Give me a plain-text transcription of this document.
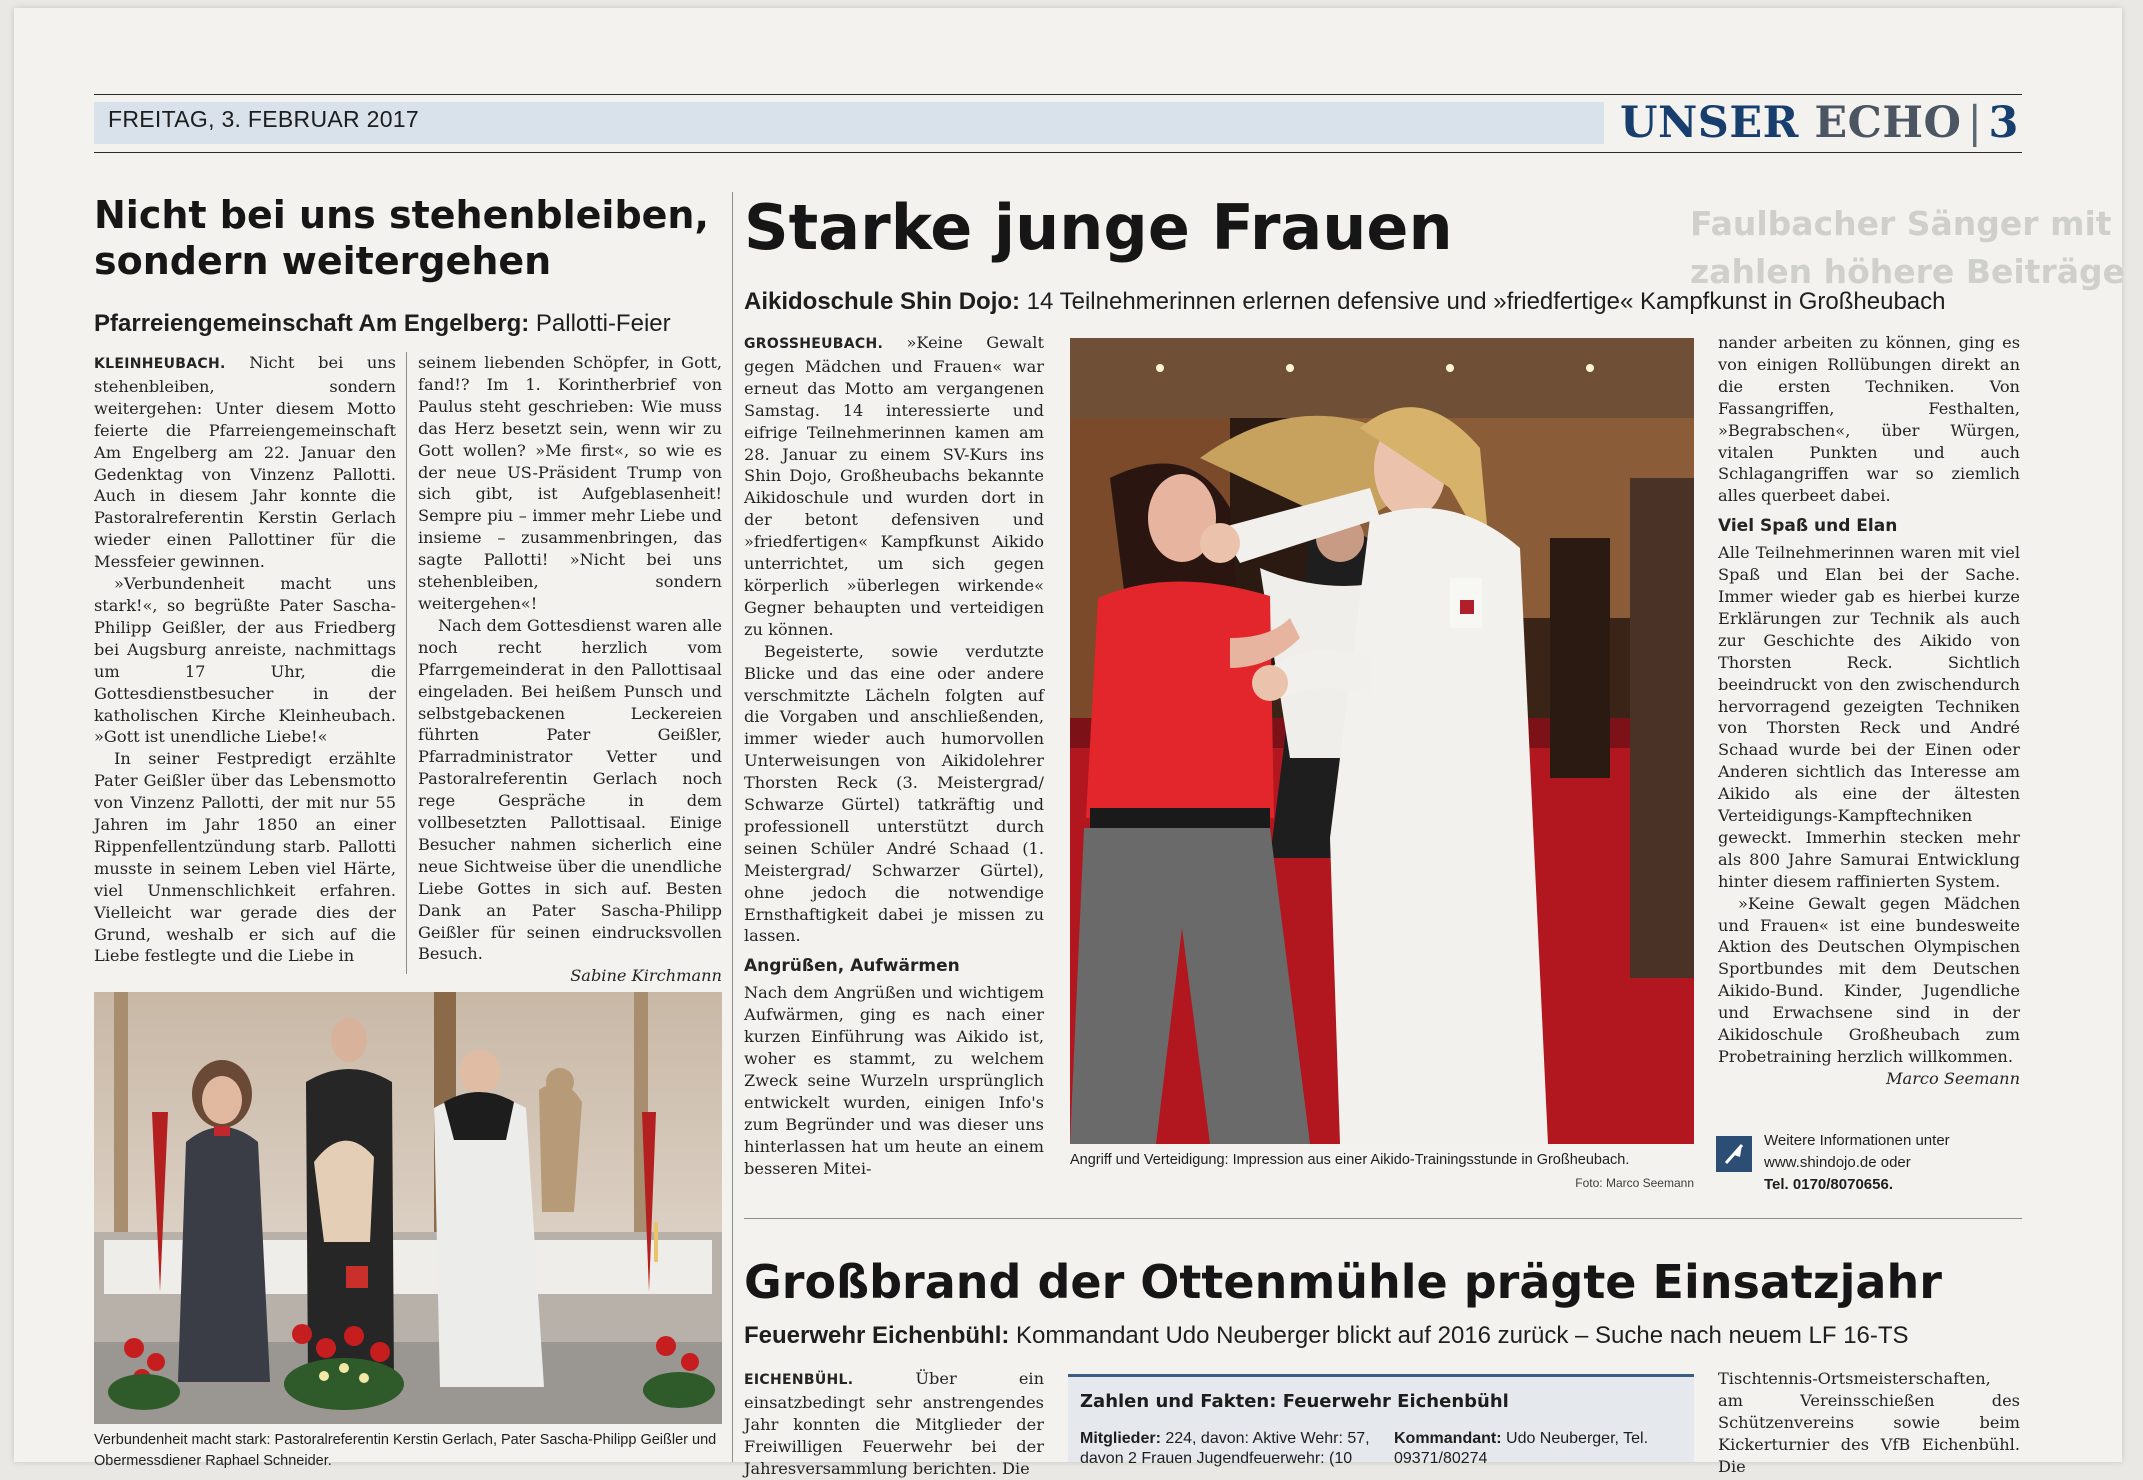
Faulbacher Sänger mit
zahlen höhere Beiträge
FREITAG, 3. FEBRUAR 2017	UNSER ECHO | 3
Nicht bei uns stehenbleiben,
sondern weitergehen
Pfarreiengemeinschaft Am Engelberg: Pallotti-Feier

KLEINHEUBACH. Nicht bei uns stehenbleiben, sondern weitergehen: Unter diesem Motto feierte die Pfarreiengemeinschaft Am Engelberg am 22. Januar den Gedenktag von Vinzenz Pallotti. Auch in diesem Jahr konnte die Pastoralreferentin Kerstin Gerlach wieder einen Pallottiner für die Messfeier gewinnen.

»Verbundenheit macht uns stark!«, so begrüßte Pater Sascha-Philipp Geißler, der aus Friedberg bei Augsburg anreiste, nachmittags um 17 Uhr, die Gottesdienstbesucher in der katholischen Kirche Kleinheubach. »Gott ist unendliche Liebe!«

In seiner Festpredigt erzählte Pater Geißler über das Lebensmotto von Vinzenz Pallotti, der mit nur 55 Jahren im Jahr 1850 an einer Rippenfellentzündung starb. Pallotti musste in seinem Leben viel Härte, viel Unmenschlichkeit erfahren. Vielleicht war gerade dies der Grund, weshalb er sich auf die Liebe festlegte und die Liebe in

seinem liebenden Schöpfer, in Gott, fand!? Im 1. Korintherbrief von Paulus steht geschrieben: Wie muss das Herz besetzt sein, wenn wir zu Gott wollen? »Me first«, so wie es der neue US-Präsident Trump von sich gibt, ist Aufgeblasenheit! Sempre piu – immer mehr Liebe und insieme – zusammenbringen, das sagte Pallotti! »Nicht bei uns stehenbleiben, sondern weitergehen«!

Nach dem Gottesdienst waren alle noch recht herzlich vom Pfarrgemeinderat in den Pallottisaal eingeladen. Bei heißem Punsch und selbstgebackenen Leckereien führten Pater Geißler, Pfarradministrator Vetter und Pastoralreferentin Gerlach noch rege Gespräche in dem vollbesetzten Pallottisaal. Einige Besucher nahmen sicherlich eine neue Sichtweise über die unendliche Liebe Gottes in sich auf. Besten Dank an Pater Sascha-Philipp Geißler für seinen eindrucksvollen Besuch.

Sabine Kirchmann

Verbundenheit macht stark: Pastoralreferentin Kerstin Gerlach, Pater Sascha-Philipp Geißler und Obermessdiener Raphael Schneider.
Starke junge Frauen
Aikidoschule Shin Dojo: 14 Teilnehmerinnen erlernen defensive und »friedfertige« Kampfkunst in Großheubach

GROSSHEUBACH. »Keine Gewalt gegen Mädchen und Frauen« war erneut das Motto am vergangenen Samstag. 14 interessierte und eifrige Teilnehmerinnen kamen am 28. Januar zu einem SV-Kurs ins Shin Dojo, Großheubachs bekannte Aikidoschule und wurden dort in der betont defensiven und »friedfertigen« Kampfkunst Aikido unterrichtet, um sich gegen körperlich »überlegen wirkende« Gegner behaupten und verteidigen zu können.

Begeisterte, sowie verdutzte Blicke und das eine oder andere verschmitzte Lächeln folgten auf die Vorgaben und anschließenden, immer wieder auch humorvollen Unterweisungen von Aikidolehrer Thorsten Reck (3. Meistergrad/ Schwarze Gürtel) tatkräftig und professionell unterstützt durch seinen Schüler André Schaad (1. Meistergrad/ Schwarzer Gürtel), ohne jedoch die notwendige Ernsthaftigkeit dabei je missen zu lassen.

Angrüßen, Aufwärmen

Nach dem Angrüßen und wichtigem Aufwärmen, ging es nach einer kurzen Einführung was Aikido ist, woher es stammt, zu welchem Zweck seine Wurzeln ursprünglich entwickelt wurden, einigen Info's zum Begründer und was dieser uns hinterlassen hat um heute an einem besseren Mitei-	Angriff und Verteidigung: Impression aus einer Aikido-Trainingsstunde in Großheubach.
Foto: Marco Seemann

nander arbeiten zu können, ging es von einigen Rollübungen direkt an die ersten Techniken. Von Fassangriffen, Festhalten, »Begrabschen«, über Würgen, vitalen Punkten und auch Schlagangriffen war so ziemlich alles querbeet dabei.

Viel Spaß und Elan

Alle Teilnehmerinnen waren mit viel Spaß und Elan bei der Sache. Immer wieder gab es hierbei kurze Erklärungen zur Technik als auch zur Geschichte des Aikido von Thorsten Reck. Sichtlich beeindruckt von den zwischendurch hervorragend gezeigten Techniken von Thorsten Reck und André Schaad wurde bei der Einen oder Anderen sichtlich das Interesse am Aikido als eine der ältesten Verteidigungs-Kampftechniken geweckt. Immerhin stecken mehr als 800 Jahre Samurai Entwicklung hinter diesem raffinierten System.

»Keine Gewalt gegen Mädchen und Frauen« ist eine bundesweite Aktion des Deutschen Olympischen Sportbundes mit dem Deutschen Aikido-Bund. Kinder, Jugendliche und Erwachsene sind in der Aikidoschule Großheubach zum Probetraining herzlich willkommen.

Marco Seemann

Weitere Informationen unter
www.shindojo.de oder
Tel. 0170/8070656.
Großbrand der Ottenmühle prägte Einsatzjahr
Feuerwehr Eichenbühl: Kommandant Udo Neuberger blickt auf 2016 zurück – Suche nach neuem LF 16-TS

EICHENBÜHL. Über ein einsatzbedingt sehr anstrengendes Jahr konnten die Mitglieder der Freiwilligen Feuerwehr bei der Jahresversammlung berichten. Die

Zahlen und Fakten: Feuerwehr Eichenbühl
Mitglieder: 224, davon: Aktive Wehr: 57, davon 2 Frauen Jugendfeuerwehr: (10
Kommandant: Udo Neuberger, Tel. 09371/80274

Tischtennis-Ortsmeisterschaften, am Vereinsschießen des Schützenvereins sowie beim Kickerturnier des VfB Eichenbühl. Die
